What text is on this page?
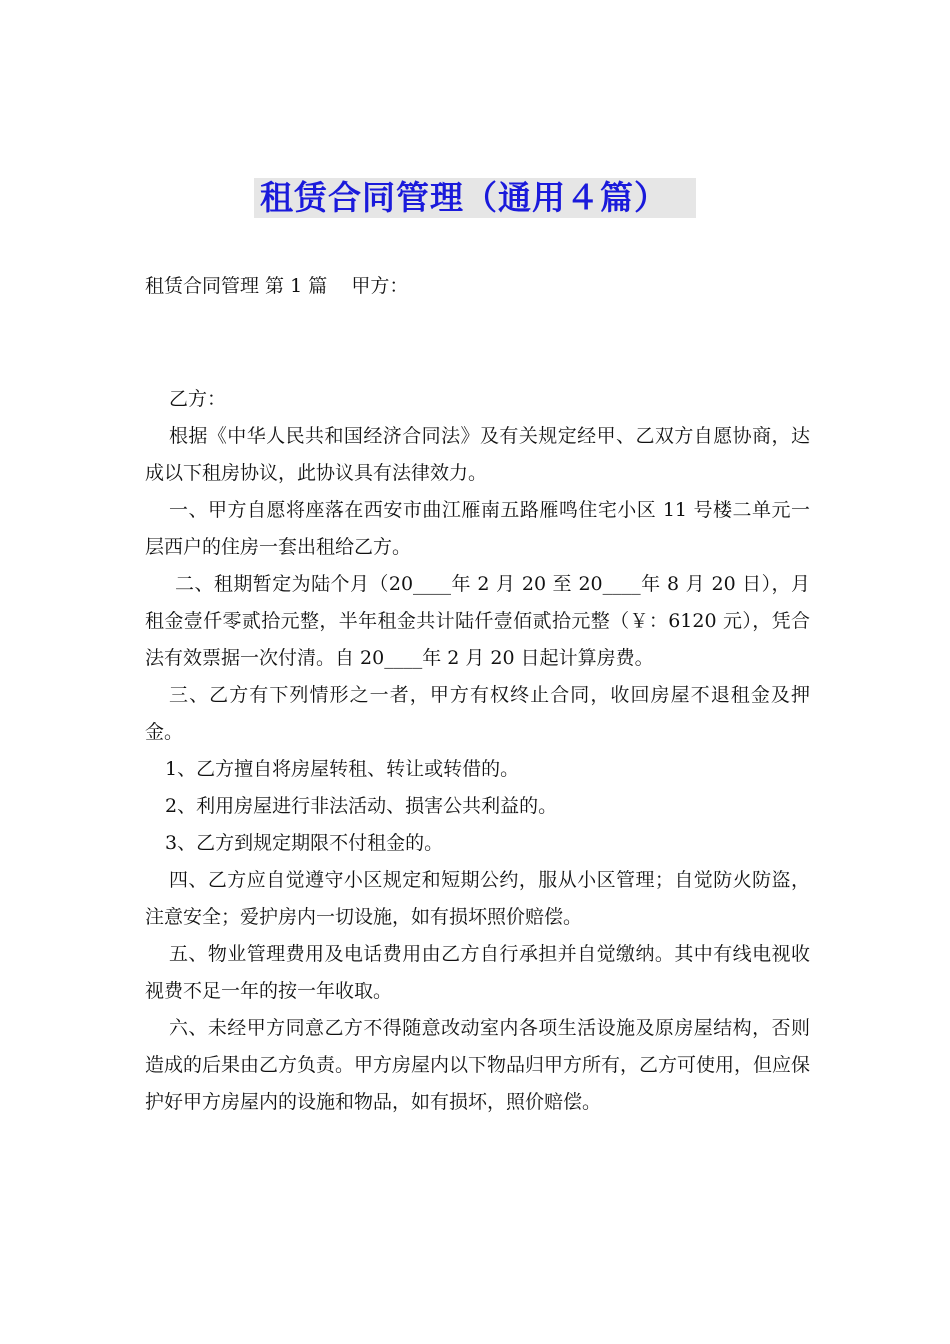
租赁合同管理（通用４篇）
租赁合同管理 第 1 篇    甲方：

乙方：

根据《中华人民共和国经济合同法》及有关规定经甲、乙双方自愿协商，达成以下租房协议，此协议具有法律效力。

一、甲方自愿将座落在西安市曲江雁南五路雁鸣住宅小区 11 号楼二单元一层西户的住房一套出租给乙方。

二、租期暂定为陆个月（20____年 2 月 20 至 20____年 8 月 20 日），月租金壹仟零贰拾元整，半年租金共计陆仟壹佰贰拾元整（￥：6120 元），凭合法有效票据一次付清。自 20____年 2 月 20 日起计算房费。

三、乙方有下列情形之一者，甲方有权终止合同，收回房屋不退租金及押金。

1、乙方擅自将房屋转租、转让或转借的。

2、利用房屋进行非法活动、损害公共利益的。

3、乙方到规定期限不付租金的。

四、乙方应自觉遵守小区规定和短期公约，服从小区管理；自觉防火防盗，注意安全；爱护房内一切设施，如有损坏照价赔偿。

五、物业管理费用及电话费用由乙方自行承担并自觉缴纳。其中有线电视收视费不足一年的按一年收取。

六、未经甲方同意乙方不得随意改动室内各项生活设施及原房屋结构，否则造成的后果由乙方负责。甲方房屋内以下物品归甲方所有，乙方可使用，但应保护好甲方房屋内的设施和物品，如有损坏，照价赔偿。
